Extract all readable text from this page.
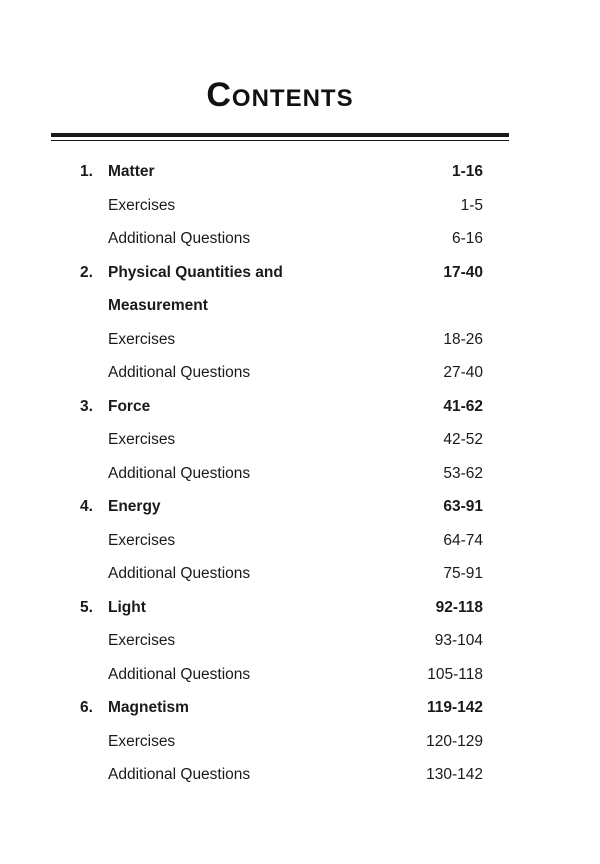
Contents
1. Matter	1-16
Exercises	1-5
Additional Questions	6-16
2. Physical Quantities and	17-40
Measurement
Exercises	18-26
Additional Questions	27-40
3. Force	41-62
Exercises	42-52
Additional Questions	53-62
4. Energy	63-91
Exercises	64-74
Additional Questions	75-91
5. Light	92-118
Exercises	93-104
Additional Questions	105-118
6. Magnetism	119-142
Exercises	120-129
Additional Questions	130-142
